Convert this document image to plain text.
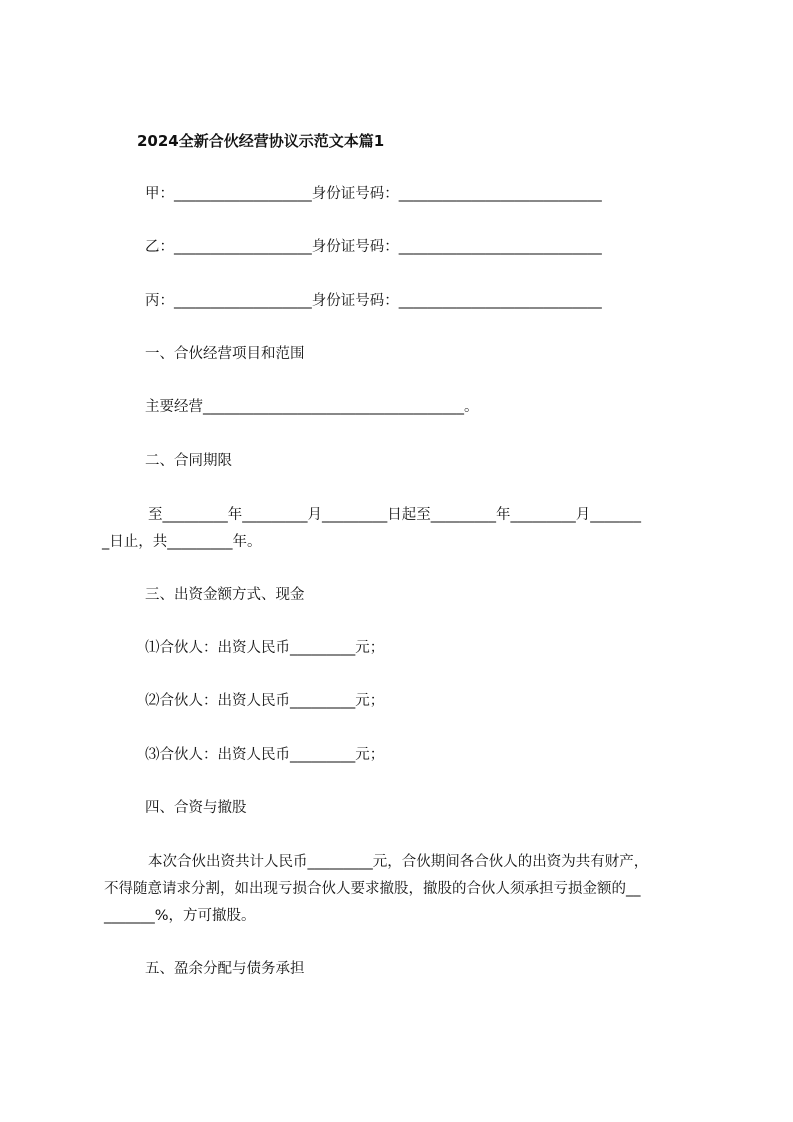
2024全新合伙经营协议示范文本篇1
甲：___________________身份证号码：____________________________
乙：___________________身份证号码：____________________________
丙：___________________身份证号码：____________________________
一、合伙经营项目和范围
主要经营____________________________________。
二、合同期限
至_________年_________月_________日起至_________年_________月_______
_日止，共_________年。
三、出资金额方式、现金
⑴合伙人：出资人民币_________元；
⑵合伙人：出资人民币_________元；
⑶合伙人：出资人民币_________元；
四、合资与撤股
本次合伙出资共计人民币_________元，合伙期间各合伙人的出资为共有财产，
不得随意请求分割，如出现亏损合伙人要求撤股，撤股的合伙人须承担亏损金额的__
_______%，方可撤股。
五、盈余分配与债务承担
